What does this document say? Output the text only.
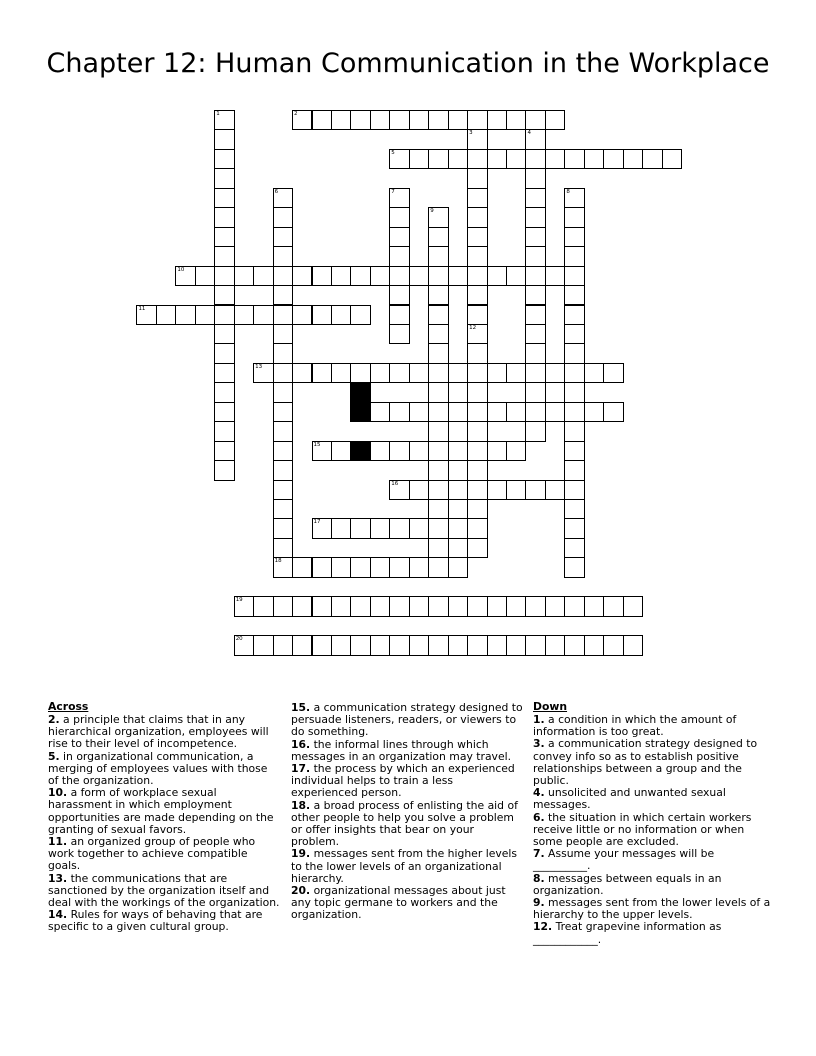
Chapter 12: Human Communication in the Workplace
1	2
3
12
4
5
6
18
7	8
9
10
11
13
14
15
16
17
19
20
Across
2. a principle that claims that in any hierarchical organization, employees will rise to their level of incompetence.
5. in organizational communication, a merging of employees values with those of the organization.
10. a form of workplace sexual harassment in which employment opportunities are made depending on the granting of sexual favors.
11. an organized group of people who work together to achieve compatible goals.
13. the communications that are sanctioned by the organization itself and deal with the workings of the organization.
14. Rules for ways of behaving that are specific to a given cultural group.
15. a communication strategy designed to persuade listeners, readers, or viewers to do something.
16. the informal lines through which messages in an organization may travel.
17. the process by which an experienced individual helps to train a less experienced person.
18. a broad process of enlisting the aid of other people to help you solve a problem or offer insights that bear on your problem.
19. messages sent from the higher levels to the lower levels of an organizational hierarchy.
20. organizational messages about just any topic germane to workers and the organization.
Down
1. a condition in which the amount of information is too great.
3. a communication strategy designed to convey info so as to establish positive relationships between a group and the public.
4. unsolicited and unwanted sexual messages.
6. the situation in which certain workers receive little or no information or when some people are excluded.
7. Assume your messages will be __________.
8. messages between equals in an organization.
9. messages sent from the lower levels of a hierarchy to the upper levels.
12. Treat grapevine information as ____________.
